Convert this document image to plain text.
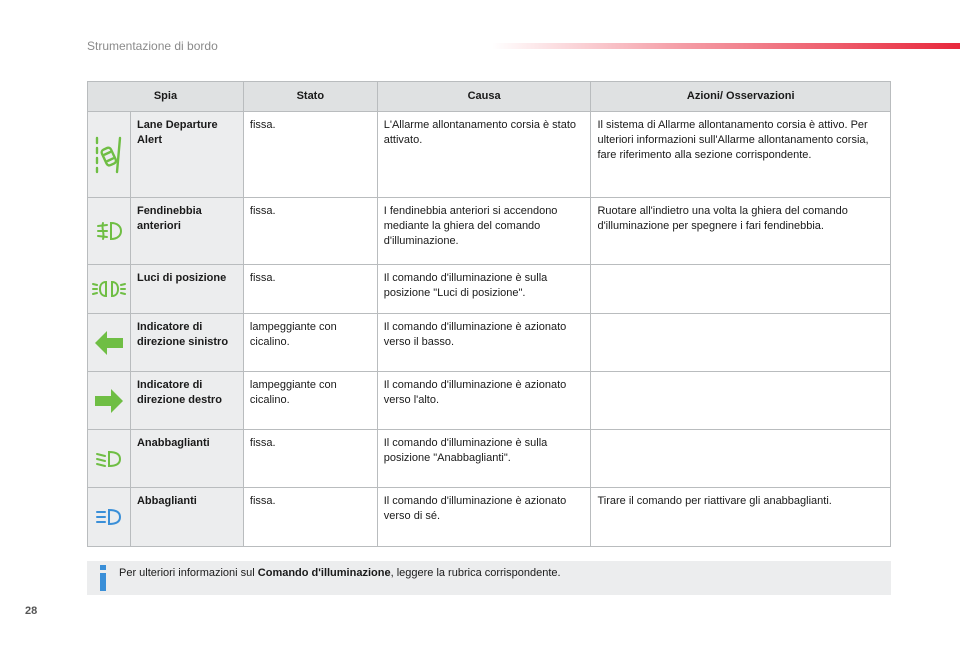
Strumentazione di bordo
Spia		Stato	Causa	Azioni/ Osservazioni

	Lane Departure Alert	fissa.	L'Allarme allontanamento corsia è stato attivato.	Il sistema di Allarme allontanamento corsia è attivo. Per ulteriori informazioni sull'Allarme allontanamento corsia, fare riferimento alla sezione corrispondente.

	Fendinebbia anteriori	fissa.	I fendinebbia anteriori si accendono mediante la ghiera del comando d'illuminazione.	Ruotare all'indietro una volta la ghiera del comando d'illuminazione per spegnere i fari fendinebbia.

	Luci di posizione	fissa.	Il comando d'illuminazione è sulla posizione "Luci di posizione".	

	Indicatore di direzione sinistro	lampeggiante con cicalino.	Il comando d'illuminazione è azionato verso il basso.	

	Indicatore di direzione destro	lampeggiante con cicalino.	Il comando d'illuminazione è azionato verso l'alto.	

	Anabbaglianti	fissa.	Il comando d'illuminazione è sulla posizione "Anabbaglianti".	

	Abbaglianti	fissa.	Il comando d'illuminazione è azionato verso di sé.	Tirare il comando per riattivare gli anabbaglianti.
Per ulteriori informazioni sul Comando d'illuminazione, leggere la rubrica corrispondente.
28
